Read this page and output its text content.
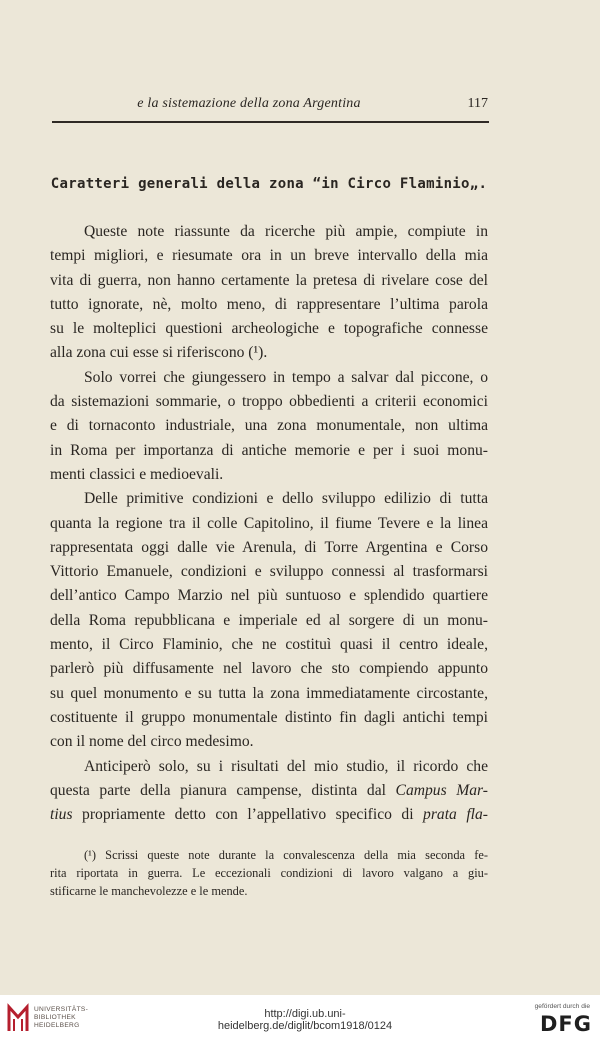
e la sistemazione della zona Argentina	117
Caratteri generali della zona “in Circo Flaminio„.
Queste note riassunte da ricerche più ampie, compiute in
tempi migliori, e riesumate ora in un breve intervallo della mia
vita di guerra, non hanno certamente la pretesa di rivelare cose del
tutto ignorate, nè, molto meno, di rappresentare l’ultima parola
su le molteplici questioni archeologiche e topografiche connesse
alla zona cui esse si riferiscono (¹).
Solo vorrei che giungessero in tempo a salvar dal piccone, o
da sistemazioni sommarie, o troppo obbedienti a criterii economici
e di tornaconto industriale, una zona monumentale, non ultima
in Roma per importanza di antiche memorie e per i suoi monu-
menti classici e medioevali.
Delle primitive condizioni e dello sviluppo edilizio di tutta
quanta la regione tra il colle Capitolino, il fiume Tevere e la linea
rappresentata oggi dalle vie Arenula, di Torre Argentina e Corso
Vittorio Emanuele, condizioni e sviluppo connessi al trasformarsi
dell’antico Campo Marzio nel più suntuoso e splendido quartiere
della Roma repubblicana e imperiale ed al sorgere di un monu-
mento, il Circo Flaminio, che ne costituì quasi il centro ideale,
parlerò più diffusamente nel lavoro che sto compiendo appunto
su quel monumento e su tutta la zona immediatamente circostante,
costituente il gruppo monumentale distinto fin dagli antichi tempi
con il nome del circo medesimo.
Anticiperò solo, su i risultati del mio studio, il ricordo che
questa parte della pianura campense, distinta dal Campus Mar-
tius propriamente detto con l’appellativo specifico di prata fla-
(¹) Scrissi queste note durante la convalescenza della mia seconda fe-
rita riportata in guerra. Le eccezionali condizioni di lavoro valgano a giu-
stificarne le manchevolezze e le mende.
UNIVERSITÄTS-
BIBLIOTHEK
HEIDELBERG
http://digi.ub.uni-heidelberg.de/diglit/bcom1918/0124
gefördert durch die
DFG
